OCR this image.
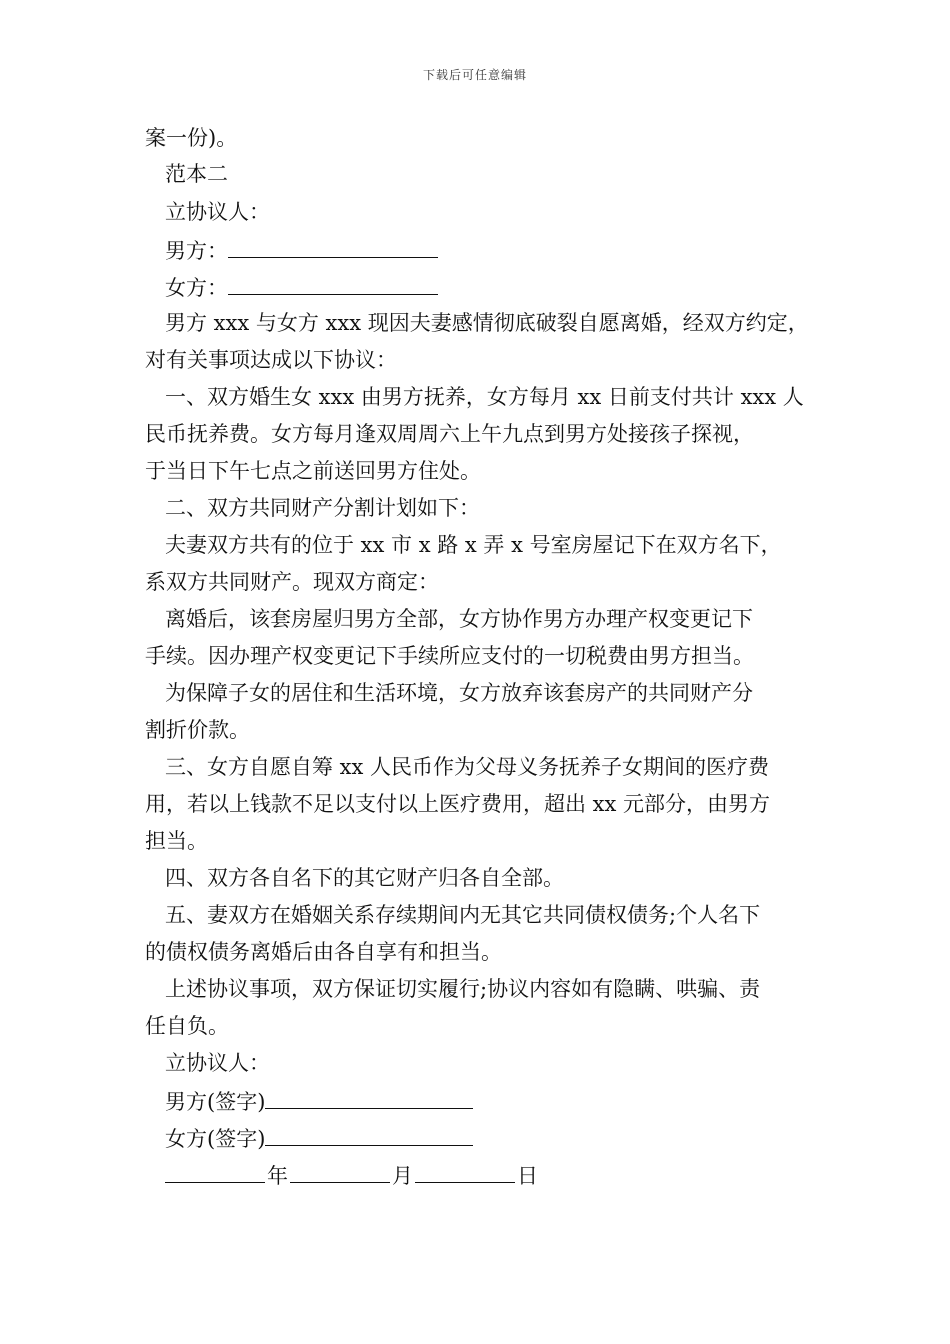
下载后可任意编辑
案一份)。
范本二
立协议人：
男方：
女方：
男方 xxx 与女方 xxx 现因夫妻感情彻底破裂自愿离婚，经双方约定，
对有关事项达成以下协议：
一、双方婚生女 xxx 由男方抚养，女方每月 xx 日前支付共计 xxx 人
民币抚养费。女方每月逢双周周六上午九点到男方处接孩子探视，
于当日下午七点之前送回男方住处。
二、双方共同财产分割计划如下：
夫妻双方共有的位于 xx 市 x 路 x 弄 x 号室房屋记下在双方名下，
系双方共同财产。现双方商定：
离婚后，该套房屋归男方全部，女方协作男方办理产权变更记下
手续。因办理产权变更记下手续所应支付的一切税费由男方担当。
为保障子女的居住和生活环境，女方放弃该套房产的共同财产分
割折价款。
三、女方自愿自筹 xx 人民币作为父母义务抚养子女期间的医疗费
用，若以上钱款不足以支付以上医疗费用，超出 xx 元部分，由男方
担当。
四、双方各自名下的其它财产归各自全部。
五、妻双方在婚姻关系存续期间内无其它共同债权债务;个人名下
的债权债务离婚后由各自享有和担当。
上述协议事项，双方保证切实履行;协议内容如有隐瞒、哄骗、责
任自负。
立协议人：
男方(签字)
女方(签字)
年	月	日
